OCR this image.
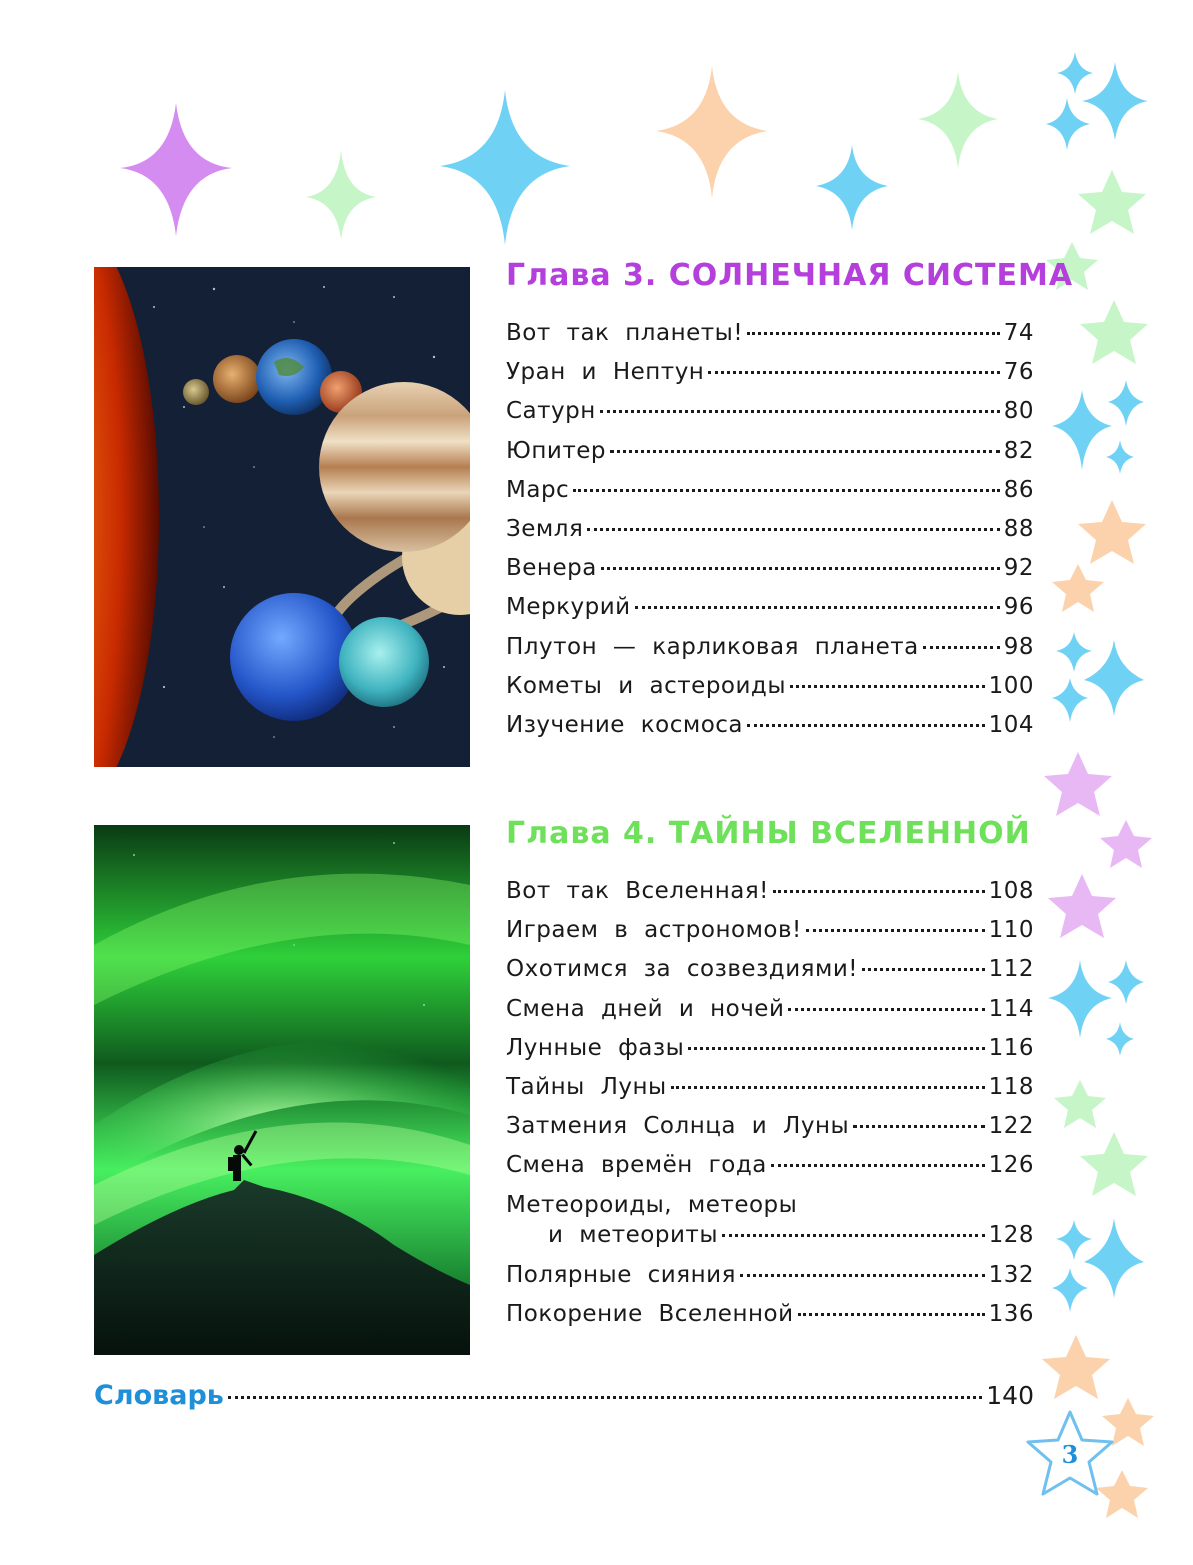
Глава 3. СОЛНЕЧНАЯ СИСТЕМА
Вот так планеты!	74
Уран и Нептун	76
Сатурн	80
Юпитер	82
Марс	86
Земля	88
Венера	92
Меркурий	96
Плутон — карликовая планета	98
Кометы и астероиды	100
Изучение космоса	104
Глава 4. ТАЙНЫ ВСЕЛЕННОЙ
Вот так Вселенная!	108
Играем в астрономов!	110
Охотимся за созвездиями!	112
Смена дней и ночей	114
Лунные фазы	116
Тайны Луны	118
Затмения Солнца и Луны	122
Смена времён года	126
Метеороиды, метеоры
и метеориты	128
Полярные сияния	132
Покорение Вселенной	136
Словарь	140
3
